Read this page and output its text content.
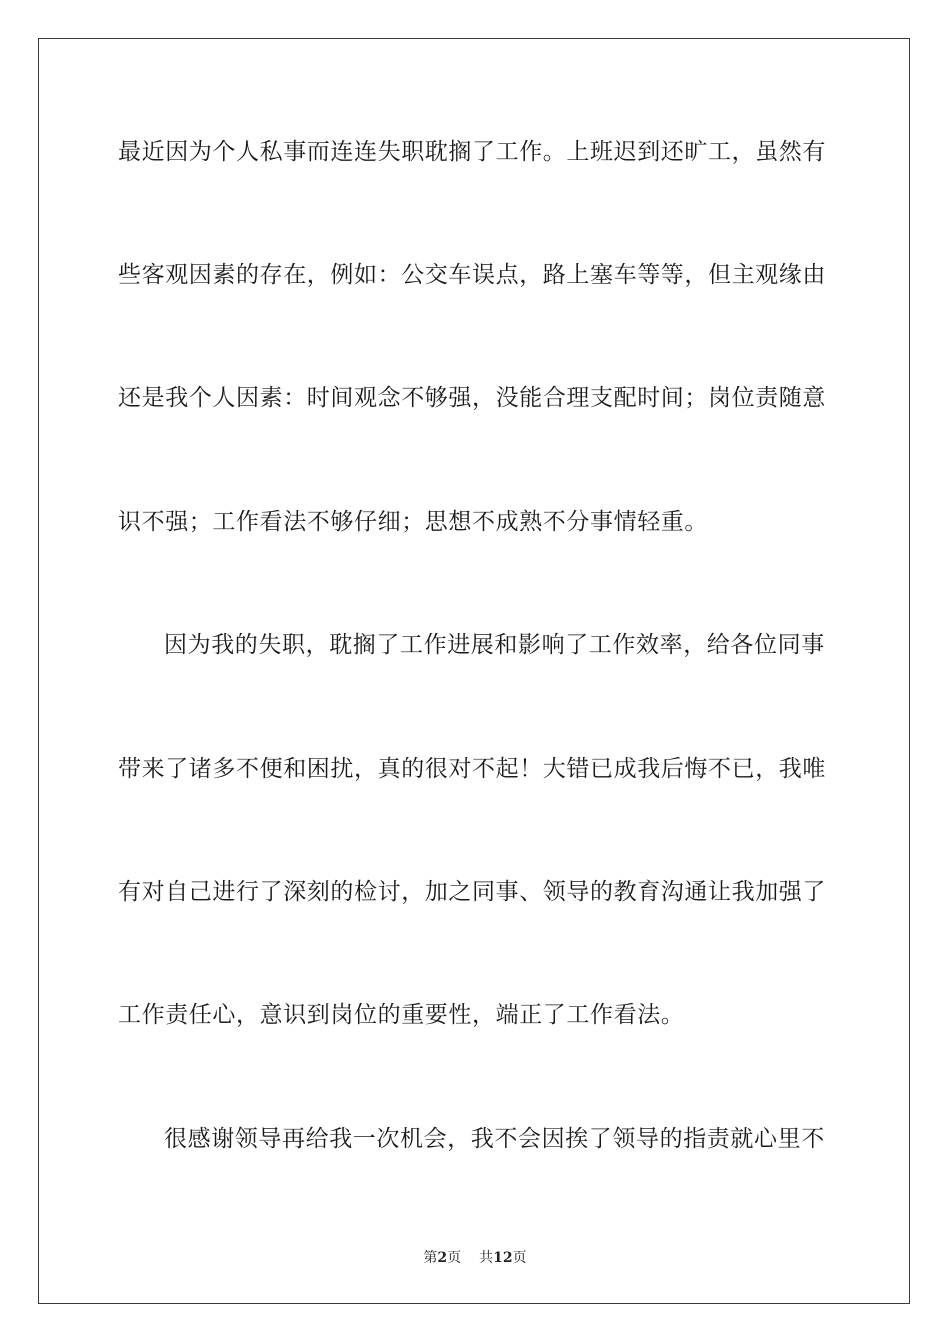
最近因为个人私事而连连失职耽搁了工作。上班迟到还旷工，虽然有
些客观因素的存在，例如：公交车误点，路上塞车等等，但主观缘由
还是我个人因素：时间观念不够强，没能合理支配时间；岗位责随意
识不强；工作看法不够仔细；思想不成熟不分事情轻重。
因为我的失职，耽搁了工作进展和影响了工作效率，给各位同事
带来了诸多不便和困扰，真的很对不起！大错已成我后悔不已，我唯
有对自己进行了深刻的检讨，加之同事、领导的教育沟通让我加强了
工作责任心，意识到岗位的重要性，端正了工作看法。
很感谢领导再给我一次机会，我不会因挨了领导的指责就心里不
第2页 共12页
